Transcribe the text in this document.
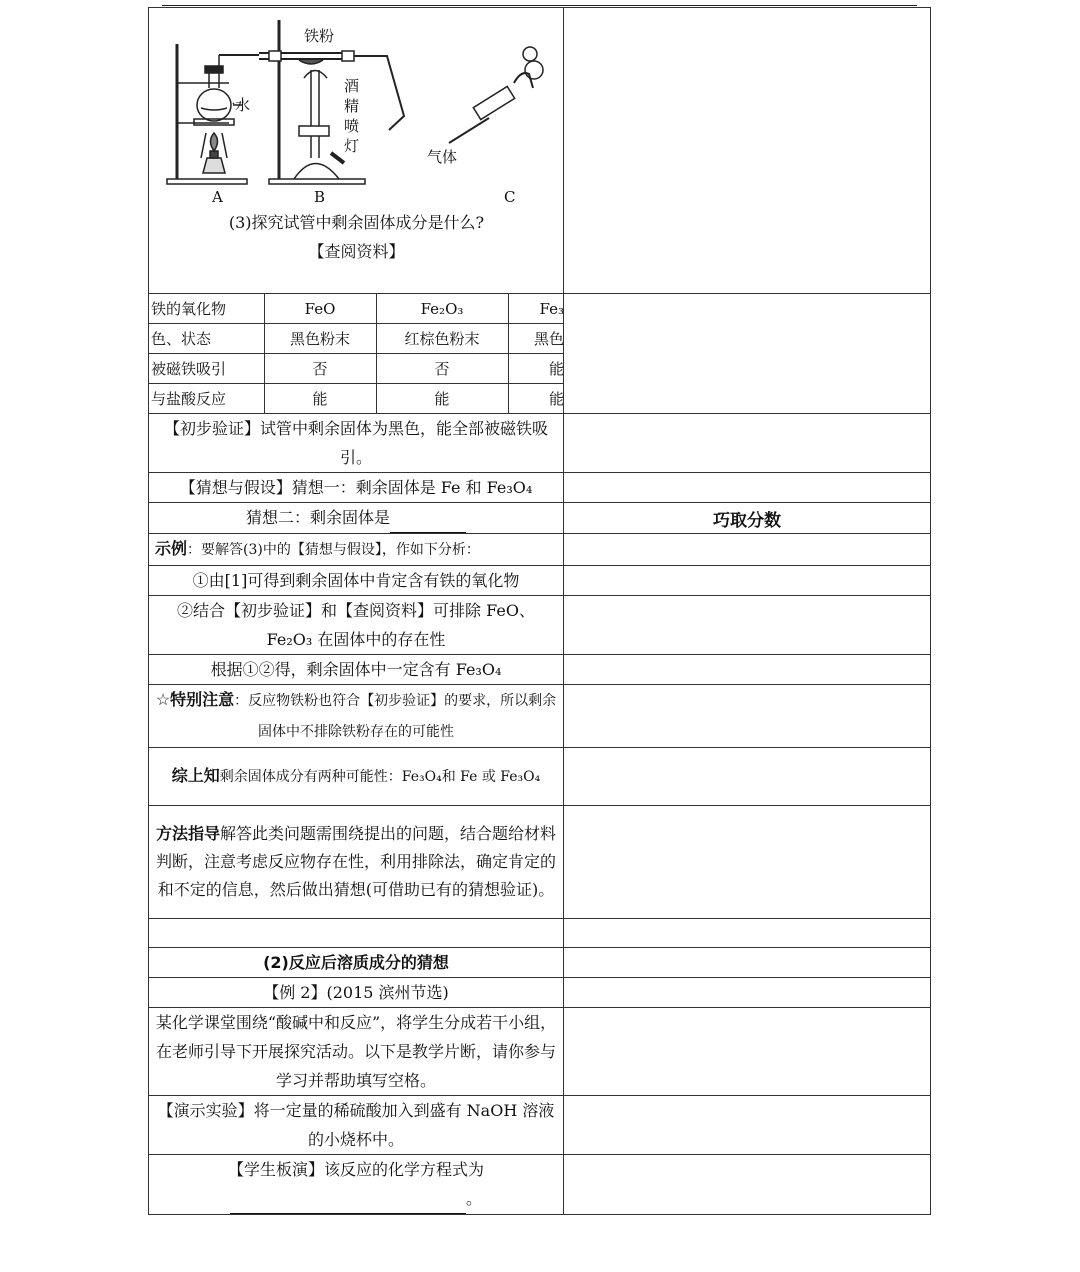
铁粉
水
酒
精
喷
灯
气体
A	B	C
(3)探究试管中剩余固体成分是什么?
【查阅资料】

铁的氧化物	FeO	Fe₂O₃	Fe₃
色、状态	黑色粉末	红棕色粉末	黑色
被磁铁吸引	否	否	能
与盐酸反应	能	能	能

【初步验证】试管中剩余固体为黑色，能全部被磁铁吸引。	
【猜想与假设】猜想一：剩余固体是 Fe 和 Fe₃O₄	
猜想二：剩余固体是	巧取分数
示例：要解答(3)中的【猜想与假设】，作如下分析：	
①由[1]可得到剩余固体中肯定含有铁的氧化物	
②结合【初步验证】和【查阅资料】可排除 FeO、Fe₂O₃ 在固体中的存在性	
根据①②得，剩余固体中一定含有 Fe₃O₄	
☆特别注意：反应物铁粉也符合【初步验证】的要求，所以剩余固体中不排除铁粉存在的可能性	
综上知剩余固体成分有两种可能性：Fe₃O₄和 Fe 或 Fe₃O₄	
方法指导解答此类问题需围绕提出的问题，结合题给材料判断，注意考虑反应物存在性，利用排除法，确定肯定的和不定的信息，然后做出猜想(可借助已有的猜想验证)。	

(2)反应后溶质成分的猜想	
【例 2】(2015 滨州节选)	
某化学课堂围绕“酸碱中和反应”，将学生分成若干小组，在老师引导下开展探究活动。以下是教学片断，请你参与学习并帮助填写空格。	
【演示实验】将一定量的稀硫酸加入到盛有 NaOH 溶液的小烧杯中。	

【学生板演】该反应的化学方程式为
。
